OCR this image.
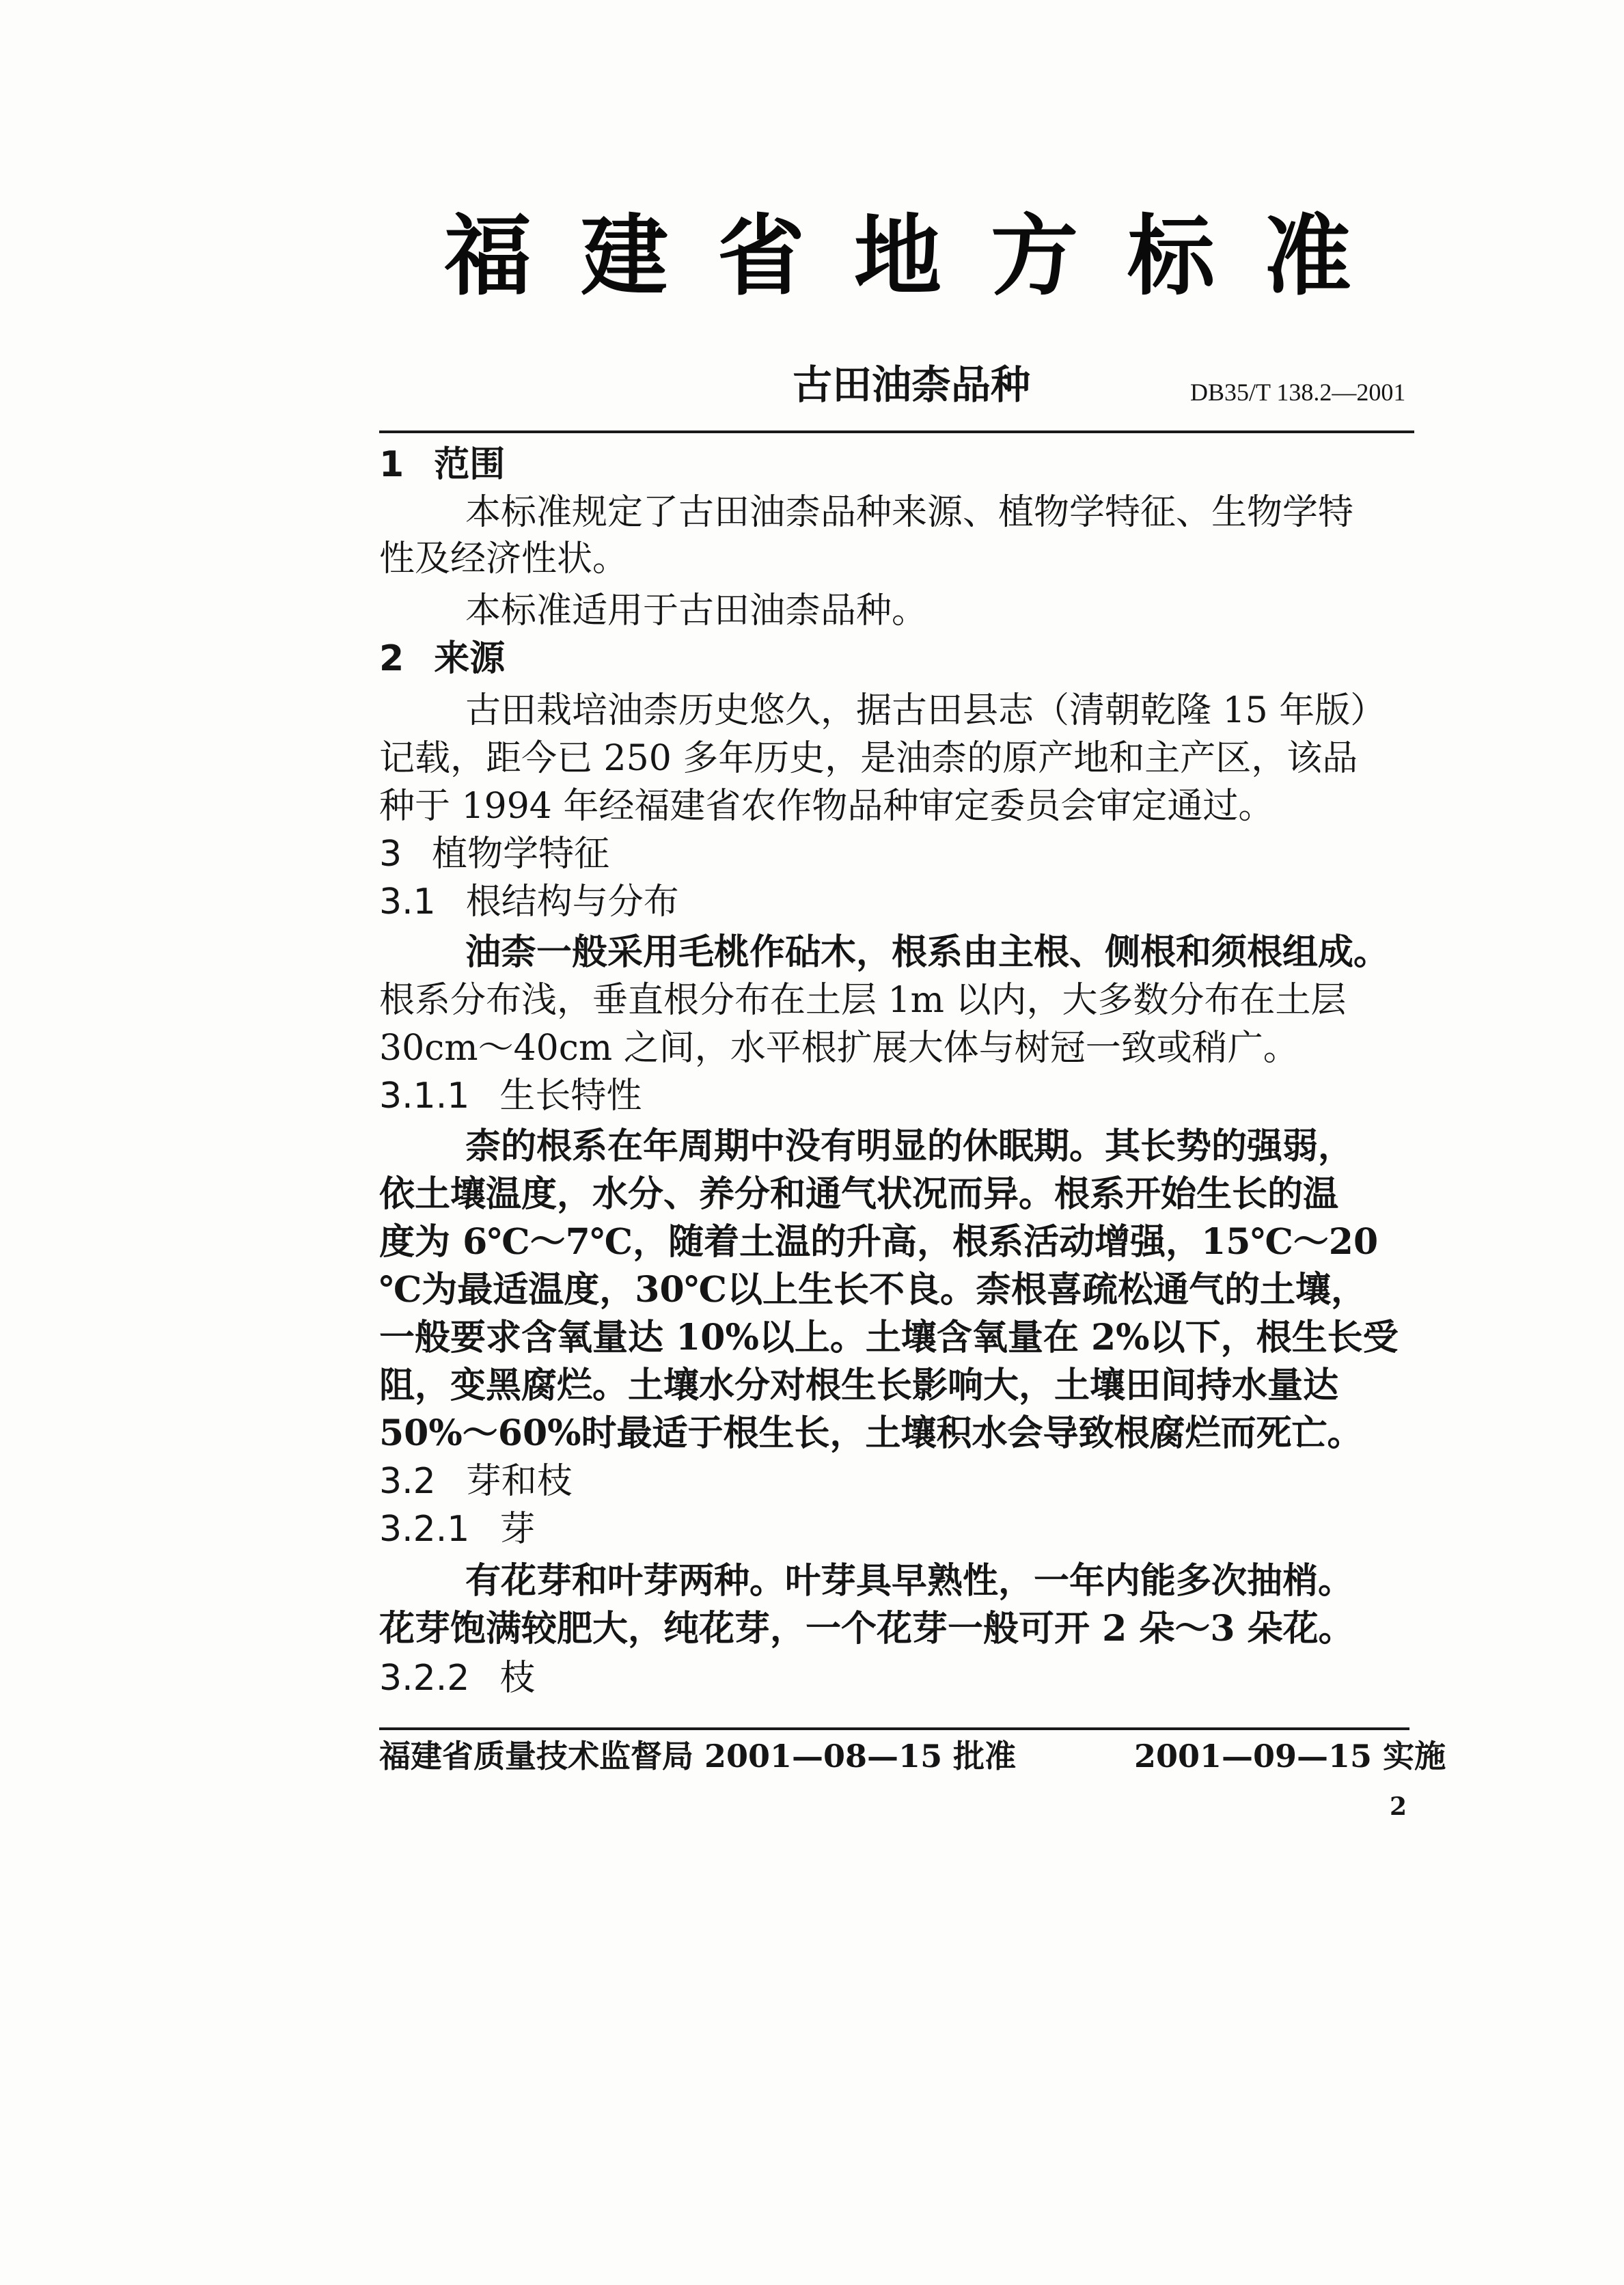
福建省地方标准
古田油柰品种	DB35/T 138.2—2001
1 范围
本标准规定了古田油柰品种来源、植物学特征、生物学特
性及经济性状。
本标准适用于古田油柰品种。
2 来源
古田栽培油柰历史悠久，据古田县志（清朝乾隆 15 年版）
记载，距今已 250 多年历史，是油柰的原产地和主产区，该品
种于 1994 年经福建省农作物品种审定委员会审定通过。
3 植物学特征
3.1 根结构与分布
油柰一般采用毛桃作砧木，根系由主根、侧根和须根组成。
根系分布浅，垂直根分布在土层 1m 以内，大多数分布在土层
30cm～40cm 之间，水平根扩展大体与树冠一致或稍广。
3.1.1 生长特性
柰的根系在年周期中没有明显的休眠期。其长势的强弱，
依土壤温度，水分、养分和通气状况而异。根系开始生长的温
度为 6℃～7℃，随着土温的升高，根系活动增强，15℃～20
℃为最适温度，30℃以上生长不良。柰根喜疏松通气的土壤，
一般要求含氧量达 10%以上。土壤含氧量在 2%以下，根生长受
阻，变黑腐烂。土壤水分对根生长影响大，土壤田间持水量达
50%～60%时最适于根生长，土壤积水会导致根腐烂而死亡。
3.2 芽和枝
3.2.1 芽
有花芽和叶芽两种。叶芽具早熟性，一年内能多次抽梢。
花芽饱满较肥大，纯花芽，一个花芽一般可开 2 朵～3 朵花。
3.2.2 枝
福建省质量技术监督局 2001—08—15 批准	2001—09—15 实施
2
